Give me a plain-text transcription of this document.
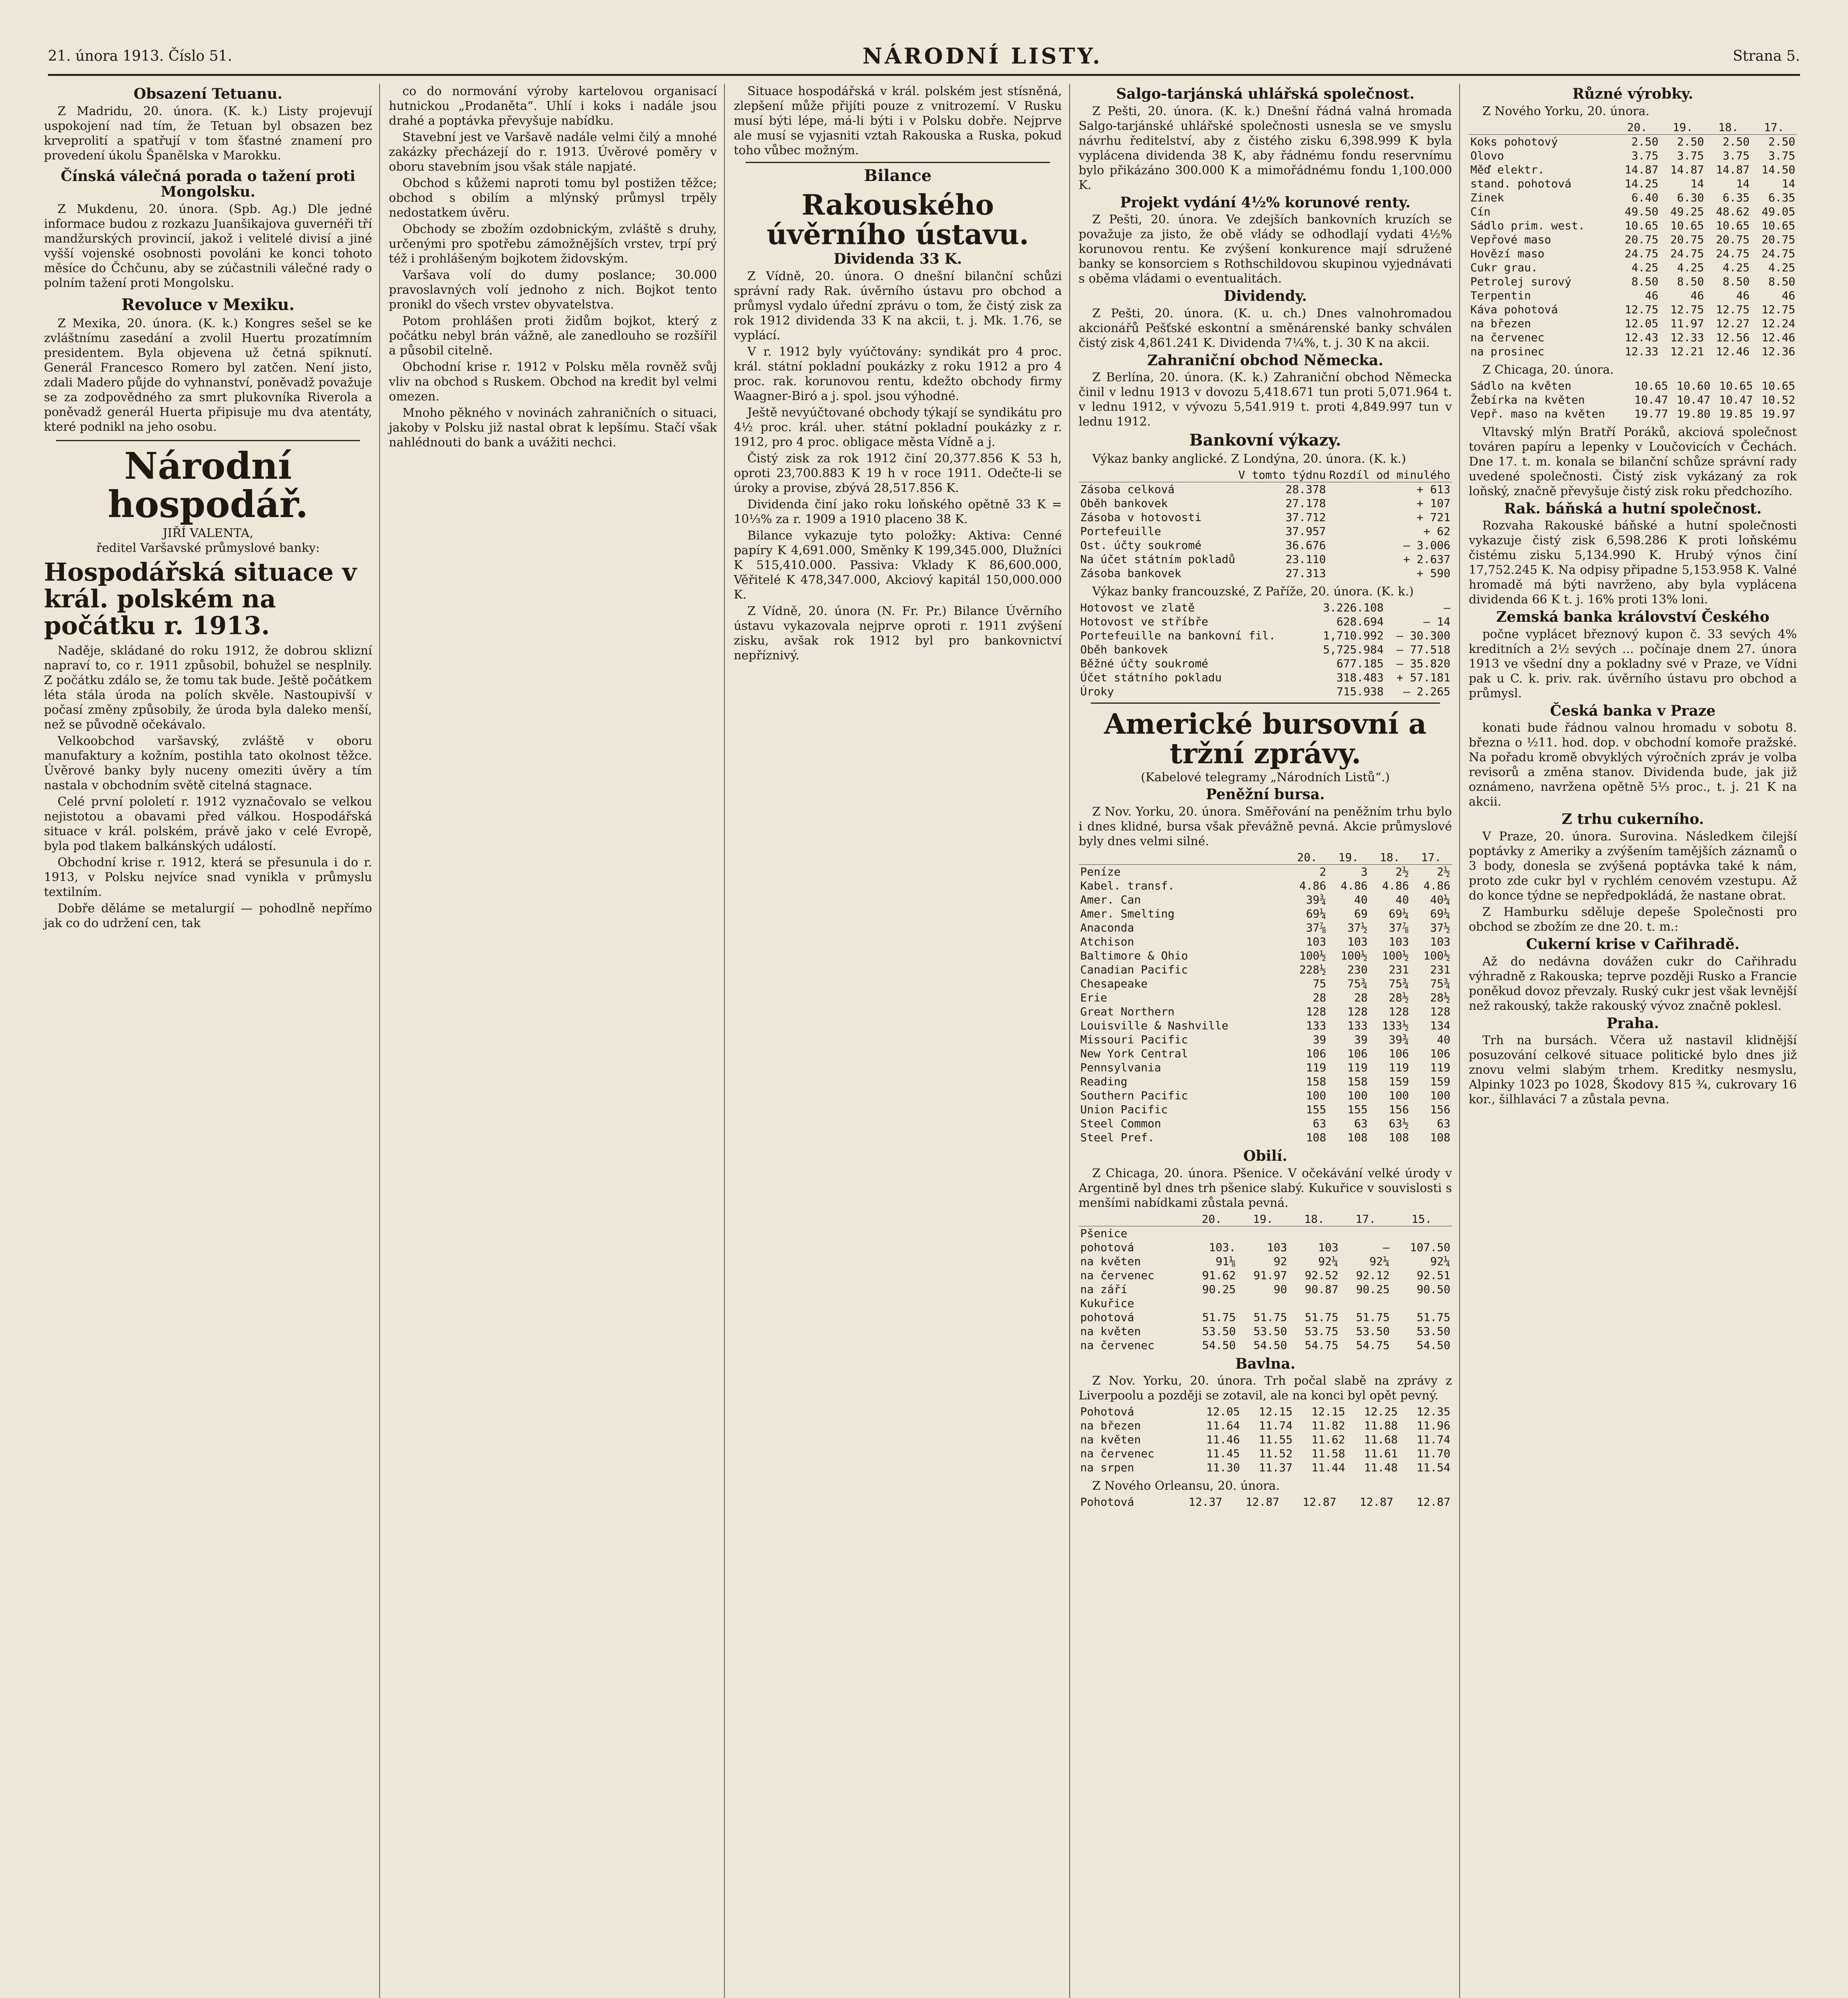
21. února 1913. Číslo 51.	NÁRODNÍ LISTY.	Strana 5.
Obsazení Tetuanu.

Z Madridu, 20. února. (K. k.) Listy projevují uspokojení nad tím, že Tetuan byl obsazen bez krveprolití a spatřují v tom šťastné znamení pro provedení úkolu Španělska v Marokku.

Čínská válečná porada o tažení proti Mongolsku.

Z Mukdenu, 20. února. (Spb. Ag.) Dle jedné informace budou z rozkazu Juanšikajova guvernéři tří mandžurských provincií, jakož i velitelé divisí a jiné vyšší vojenské osobnosti povoláni ke konci tohoto měsíce do Čchčunu, aby se zúčastnili válečné rady o polním tažení proti Mongolsku.

Revoluce v Mexiku.

Z Mexika, 20. února. (K. k.) Kongres sešel se ke zvláštnímu zasedání a zvolil Huertu prozatímním presidentem. Byla objevena už četná spiknutí. Generál Francesco Romero byl zatčen. Není jisto, zdali Madero půjde do vyhnanství, poněvadž považuje se za zodpovědného za smrt plukovníka Riverola a poněvadž generál Huerta připisuje mu dva atentáty, které podnikl na jeho osobu.

Národní hospodář.
JIŘÍ VALENTA,
ředitel Varšavské průmyslové banky:
Hospodářská situace v král. polském na počátku r. 1913.

Naděje, skládané do roku 1912, že dobrou sklizní napraví to, co r. 1911 způsobil, bohužel se nesplnily. Z počátku zdálo se, že tomu tak bude. Ještě počátkem léta stála úroda na polích skvěle. Nastoupivší v počasí změny způsobily, že úroda byla daleko menší, než se původně očekávalo.

Velkoobchod varšavský, zvláště v oboru manufaktury a kožním, postihla tato okolnost těžce. Úvěrové banky byly nuceny omeziti úvěry a tím nastala v obchodním světě citelná stagnace.

Celé první pololetí r. 1912 vyznačovalo se velkou nejistotou a obavami před válkou. Hospodářská situace v král. polském, právě jako v celé Evropě, byla pod tlakem balkánských událostí.

Obchodní krise r. 1912, která se přesunula i do r. 1913, v Polsku nejvíce snad vynikla v průmyslu textilním.

Dobře děláme se metalurgií — pohodlně nepřímo jak co do udržení cen, tak

co do normování výroby kartelovou organisací hutnickou „Prodaněta“. Uhlí i koks i nadále jsou drahé a poptávka převyšuje nabídku.

Stavební jest ve Varšavě nadále velmi čilý a mnohé zakázky přecházejí do r. 1913. Úvěrové poměry v oboru stavebním jsou však stále napjaté.

Obchod s kůžemi naproti tomu byl postižen těžce; obchod s obilím a mlýnský průmysl trpěly nedostatkem úvěru.

Obchody se zbožím ozdobnickým, zvláště s druhy, určenými pro spotřebu zámožnějších vrstev, trpí prý též i prohlášeným bojkotem židovským.

Varšava volí do dumy poslance; 30.000 pravoslavných volí jednoho z nich. Bojkot tento pronikl do všech vrstev obyvatelstva.

Potom prohlášen proti židům bojkot, který z počátku nebyl brán vážně, ale zanedlouho se rozšířil a působil citelně.

Obchodní krise r. 1912 v Polsku měla rovněž svůj vliv na obchod s Ruskem. Obchod na kredit byl velmi omezen.

Mnoho pěkného v novinách zahraničních o situaci, jakoby v Polsku již nastal obrat k lepšímu. Stačí však nahlédnouti do bank a uvážiti nechci.

Situace hospodářská v král. polském jest stísněná, zlepšení může přijíti pouze z vnitrozemí. V Rusku musí býti lépe, má-li býti i v Polsku dobře. Nejprve ale musí se vyjasniti vztah Rakouska a Ruska, pokud toho vůbec možným.

Bilance
Rakouského úvěrního ústavu.
Dividenda 33 K.

Z Vídně, 20. února. O dnešní bilanční schůzi správní rady Rak. úvěrního ústavu pro obchod a průmysl vydalo úřední zprávu o tom, že čistý zisk za rok 1912 dividenda 33 K na akcii, t. j. Mk. 1.76, se vyplácí.

V r. 1912 byly vyúčtovány: syndikát pro 4 proc. král. státní pokladní poukázky z roku 1912 a pro 4 proc. rak. korunovou rentu, kdežto obchody firmy Waagner-Biró a j. spol. jsou výhodné.

Ještě nevyúčtované obchody týkají se syndikátu pro 4½ proc. král. uher. státní pokladní poukázky z r. 1912, pro 4 proc. obligace města Vídně a j.

Čistý zisk za rok 1912 činí 20,377.856 K 53 h, oproti 23,700.883 K 19 h v roce 1911. Odečte-li se úroky a provise, zbývá 28,517.856 K.

Dividenda činí jako roku loňského opětně 33 K = 10⅓% za r. 1909 a 1910 placeno 38 K.

Bilance vykazuje tyto položky: Aktiva: Cenné papíry K 4,691.000, Směnky K 199,345.000, Dlužníci K 515,410.000. Passiva: Vklady K 86,600.000, Věřitelé K 478,347.000, Akciový kapitál 150,000.000 K.

Z Vídně, 20. února (N. Fr. Pr.) Bilance Úvěrního ústavu vykazovala nejprve oproti r. 1911 zvýšení zisku, avšak rok 1912 byl pro bankovnictví nepříznivý.

Salgo-tarjánská uhlářská společnost.

Z Pešti, 20. února. (K. k.) Dnešní řádná valná hromada Salgo-tarjánské uhlářské společnosti usnesla se ve smyslu návrhu ředitelství, aby z čistého zisku 6,398.999 K byla vyplácena dividenda 38 K, aby řádnému fondu reservnímu bylo přikázáno 300.000 K a mimořádnému fondu 1,100.000 K.

Projekt vydání 4½% korunové renty.

Z Pešti, 20. února. Ve zdejších bankovních kruzích se považuje za jisto, že obě vlády se odhodlají vydati 4½% korunovou rentu. Ke zvýšení konkurence mají sdružené banky se konsorciem s Rothschildovou skupinou vyjednávati s oběma vládami o eventualitách.

Dividendy.

Z Pešti, 20. února. (K. u. ch.) Dnes valnohromadou akcionářů Pešťské eskontní a směnárenské banky schválen čistý zisk 4,861.241 K. Dividenda 7¼%, t. j. 30 K na akcii.

Zahraniční obchod Německa.

Z Berlína, 20. února. (K. k.) Zahraniční obchod Německa činil v lednu 1913 v dovozu 5,418.671 tun proti 5,071.964 t. v lednu 1912, v vývozu 5,541.919 t. proti 4,849.997 tun v lednu 1912.

Bankovní výkazy.

Výkaz banky anglické. Z Londýna, 20. února. (K. k.)

	V tomto týdnu	Rozdíl od minulého
Zásoba celková	28.378	+ 613
Oběh bankovek	27.178	+ 107
Zásoba v hotovosti	37.712	+ 721
Portefeuille	37.957	+ 62
Ost. účty soukromé	36.676	— 3.006
Na účet státním pokladů	23.110	+ 2.637
Zásoba bankovek	27.313	+ 590

Výkaz banky francouzské, Z Paříže, 20. února. (K. k.)

Hotovost ve zlatě	3.226.108	—
Hotovost ve stříbře	628.694	— 14
Portefeuille na bankovní fil.	1,710.992	— 30.300
Oběh bankovek	5,725.984	— 77.518
Běžné účty soukromé	677.185	— 35.820
Účet státního pokladu	318.483	+ 57.181
Úroky	715.938	— 2.265
Americké bursovní a tržní zprávy.
(Kabelové telegramy „Národních Listů“.)
Peněžní bursa.

Z Nov. Yorku, 20. února. Směřování na peněžním trhu bylo i dnes klidné, bursa však převážně pevná. Akcie průmyslové byly dnes velmi silné.

	20.	19.	18.	17.
Peníze	2	3	2½	2½
Kabel. transf.	4.86	4.86	4.86	4.86
Amer. Can	39¾	40	40	40¼
Amer. Smelting	69¼	69	69¼	69¼
Anaconda	37⅞	37½	37⅞	37½
Atchison	103	103	103	103
Baltimore & Ohio	100½	100½	100½	100½
Canadian Pacific	228½	230	231	231
Chesapeake	75	75¾	75¾	75¾
Erie	28	28	28½	28½
Great Northern	128	128	128	128
Louisville & Nashville	133	133	133½	134
Missouri Pacific	39	39	39¾	40
New York Central	106	106	106	106
Pennsylvania	119	119	119	119
Reading	158	158	159	159
Southern Pacific	100	100	100	100
Union Pacific	155	155	156	156
Steel Common	63	63	63½	63
Steel Pref.	108	108	108	108
Obilí.

Z Chicaga, 20. února. Pšenice. V očekávání velké úrody v Argentině byl dnes trh pšenice slabý. Kukuřice v souvislosti s menšími nabídkami zůstala pevná.

	20.	19.	18.	17.	15.
Pšenice					
pohotová	103.	103	103	—	107.50
na květen	91⅛	92	92¼	92¼	92¼
na červenec	91.62	91.97	92.52	92.12	92.51
na září	90.25	90	90.87	90.25	90.50
Kukuřice					
pohotová	51.75	51.75	51.75	51.75	51.75
na květen	53.50	53.50	53.75	53.50	53.50
na červenec	54.50	54.50	54.75	54.75	54.50
Bavlna.

Z Nov. Yorku, 20. února. Trh počal slabě na zprávy z Liverpoolu a později se zotavil, ale na konci byl opět pevný.

Pohotová	12.05	12.15	12.15	12.25	12.35
na březen	11.64	11.74	11.82	11.88	11.96
na květen	11.46	11.55	11.62	11.68	11.74
na červenec	11.45	11.52	11.58	11.61	11.70
na srpen	11.30	11.37	11.44	11.48	11.54

Z Nového Orleansu, 20. února.

Pohotová	12.37	12.87	12.87	12.87	12.87
Různé výrobky.

Z Nového Yorku, 20. února.

	20.	19.	18.	17.
Koks pohotový	2.50	2.50	2.50	2.50
Olovo	3.75	3.75	3.75	3.75
Měď elektr.	14.87	14.87	14.87	14.50
stand. pohotová	14.25	14	14	14
Zinek	6.40	6.30	6.35	6.35
Cín	49.50	49.25	48.62	49.05
Sádlo prim. west.	10.65	10.65	10.65	10.65
Vepřové maso	20.75	20.75	20.75	20.75
Hovězí maso	24.75	24.75	24.75	24.75
Cukr grau.	4.25	4.25	4.25	4.25
Petrolej surový	8.50	8.50	8.50	8.50
Terpentin	46	46	46	46
Káva pohotová	12.75	12.75	12.75	12.75
na březen	12.05	11.97	12.27	12.24
na červenec	12.43	12.33	12.56	12.46
na prosinec	12.33	12.21	12.46	12.36

Z Chicaga, 20. února.

Sádlo na květen	10.65	10.60	10.65	10.65
Žebírka na květen	10.47	10.47	10.47	10.52
Vepř. maso na květen	19.77	19.80	19.85	19.97

Vltavský mlýn Bratří Poráků, akciová společnost továren papíru a lepenky v Loučovicích v Čechách. Dne 17. t. m. konala se bilanční schůze správní rady uvedené společnosti. Čistý zisk vykázaný za rok loňský, značně převyšuje čistý zisk roku předchozího.

Rak. báňská a hutní společnost.

Rozvaha Rakouské báňské a hutní společnosti vykazuje čistý zisk 6,598.286 K proti loňskému čistému zisku 5,134.990 K. Hrubý výnos činí 17,752.245 K. Na odpisy připadne 5,153.958 K. Valné hromadě má býti navrženo, aby byla vyplácena dividenda 66 K t. j. 16% proti 13% loni.

Zemská banka království Českého

počne vyplácet březnový kupon č. 33 sevých 4% kreditních a 2½ sevých ... počínaje dnem 27. února 1913 ve všední dny a pokladny své v Praze, ve Vídni pak u C. k. priv. rak. úvěrního ústavu pro obchod a průmysl.

Česká banka v Praze

konati bude řádnou valnou hromadu v sobotu 8. března o ½11. hod. dop. v obchodní komoře pražské. Na pořadu kromě obvyklých výročních zpráv je volba revisorů a změna stanov. Dividenda bude, jak již oznámeno, navržena opětně 5⅓ proc., t. j. 21 K na akcii.

Z trhu cukerního.

V Praze, 20. února. Surovina. Následkem čilejší poptávky z Ameriky a zvýšením tamějších záznamů o 3 body, donesla se zvýšená poptávka také k nám, proto zde cukr byl v rychlém cenovém vzestupu. Až do konce týdne se nepředpokládá, že nastane obrat.

Z Hamburku sděluje depeše Společnosti pro obchod se zbožím ze dne 20. t. m.:

Cukerní krise v Cařihradě.

Až do nedávna dovážen cukr do Cařihradu výhradně z Rakouska; teprve později Rusko a Francie poněkud dovoz převzaly. Ruský cukr jest však levnější než rakouský, takže rakouský vývoz značně poklesl.

Praha.

Trh na bursách. Včera už nastavil klidnější posuzování celkové situace politické bylo dnes již znovu velmi slabým trhem. Kreditky nesmyslu, Alpinky 1023 po 1028, Škodovy 815 ¾, cukrovary 16 kor., šilhlaváci 7 a zůstala pevna.
